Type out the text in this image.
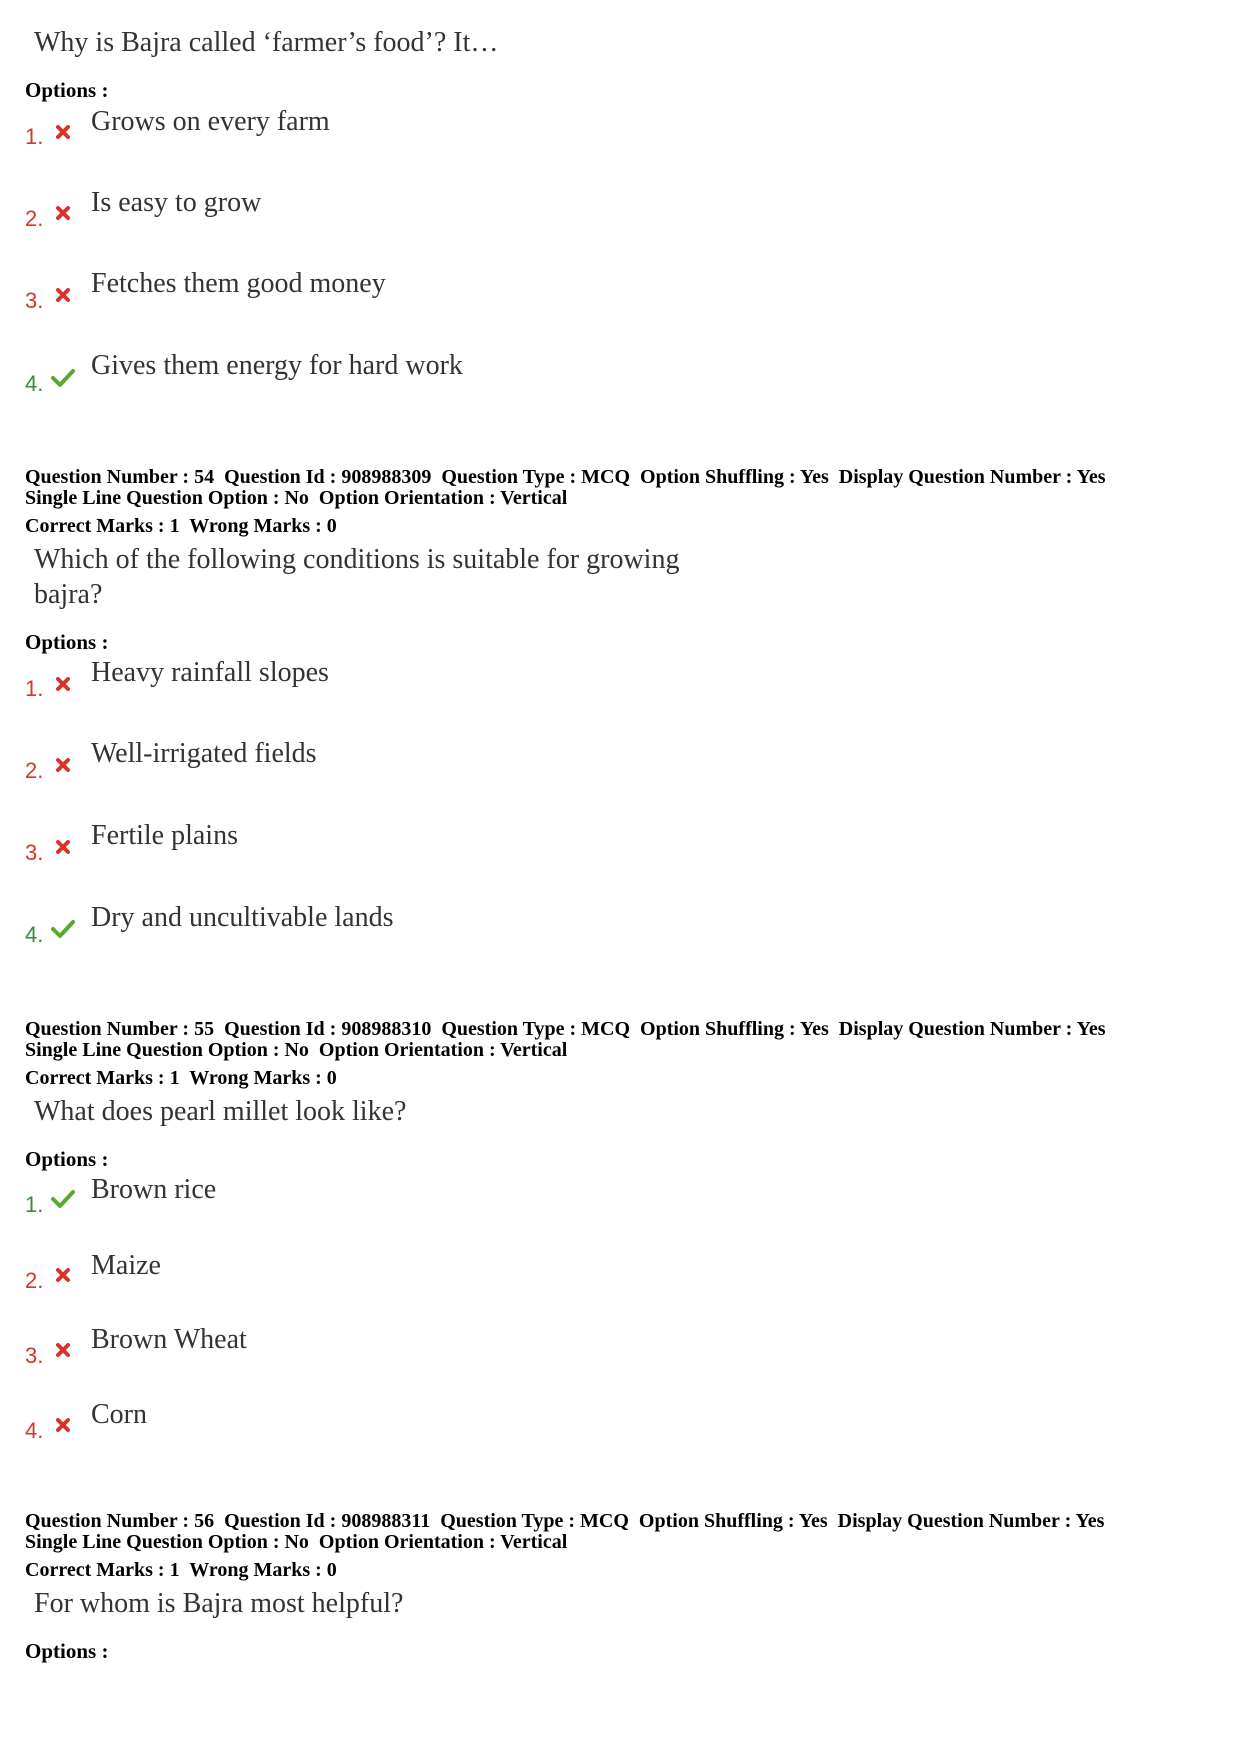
Why is Bajra called ‘farmer’s food’? It…
Options :
1. Grows on every farm
2.
Is easy to grow
3.
Fetches them good money
4.
Gives them energy for hard work
Question Number : 54  Question Id : 908988309  Question Type : MCQ  Option Shuffling : Yes  Display Question Number : Yes
Single Line Question Option : No  Option Orientation : Vertical
Correct Marks : 1  Wrong Marks : 0
Which of the following conditions is suitable for growing
bajra?
Options :
1.
Heavy rainfall slopes
2.
Well-irrigated fields
3.
Fertile plains
4.
Dry and uncultivable lands
Question Number : 55  Question Id : 908988310  Question Type : MCQ  Option Shuffling : Yes  Display Question Number : Yes
Single Line Question Option : No  Option Orientation : Vertical
Correct Marks : 1  Wrong Marks : 0
What does pearl millet look like?
Options :
1. Brown rice
2. Maize
3.
Brown Wheat
4.
Corn
Question Number : 56  Question Id : 908988311  Question Type : MCQ  Option Shuffling : Yes  Display Question Number : Yes
Single Line Question Option : No  Option Orientation : Vertical
Correct Marks : 1  Wrong Marks : 0
For whom is Bajra most helpful?
Options :
